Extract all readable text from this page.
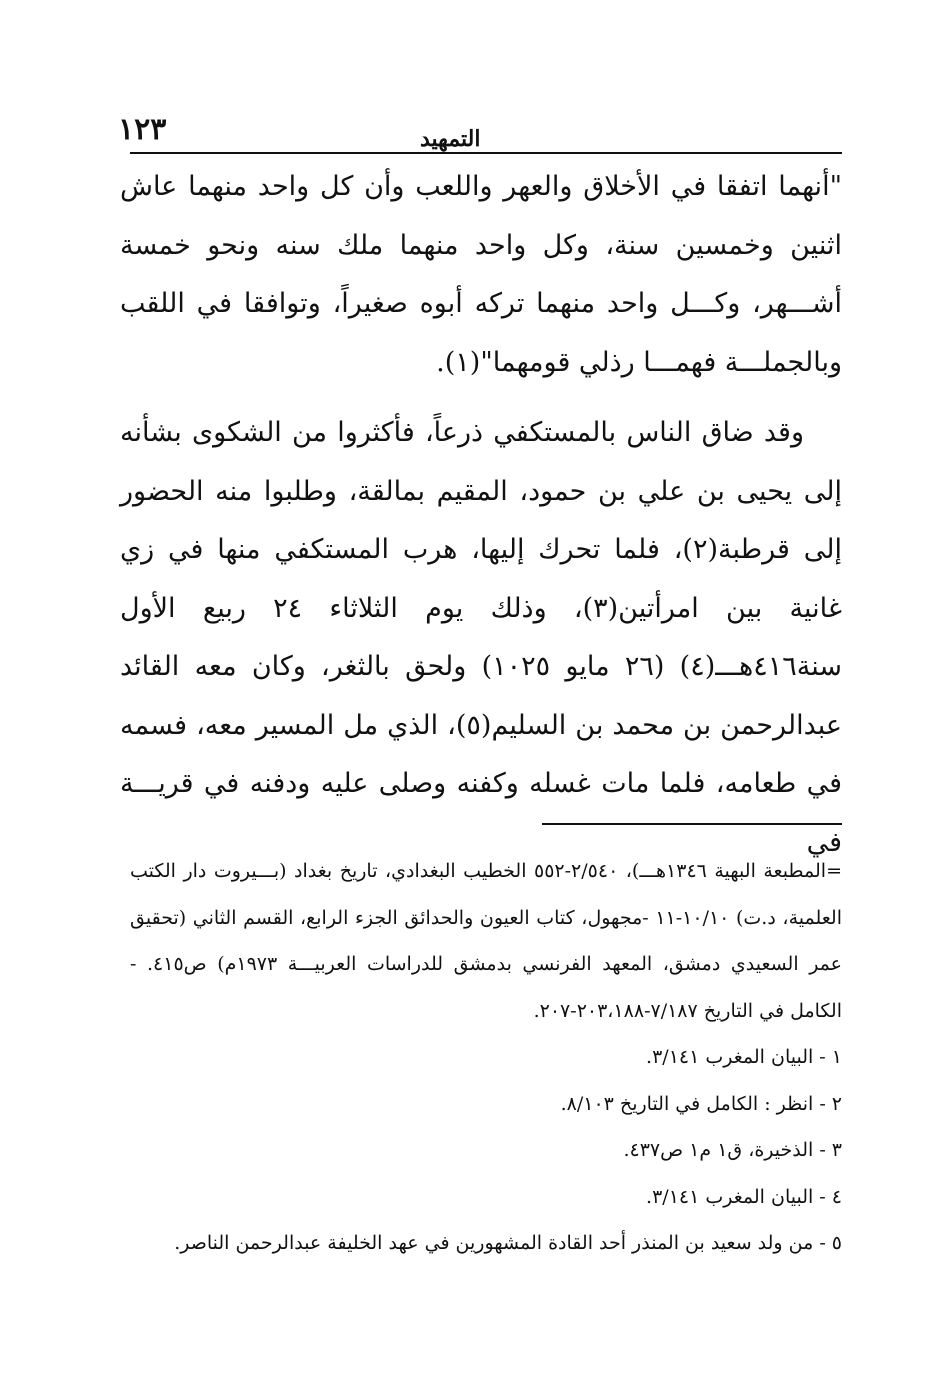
١٢٣	التمهيد

"أنهما اتفقا في الأخلاق والعهر واللعب وأن كل واحد منهما عاش اثنين وخمسين سنة، وكل واحد منهما ملك سنه ونحو خمسة أشـــهر، وكـــل واحد منهما تركه أبوه صغيراً، وتوافقا في اللقب وبالجملـــة فهمـــا رذلي قومهما"(١).

وقد ضاق الناس بالمستكفي ذرعاً، فأكثروا من الشكوى بشأنه إلى يحيى بن علي بن حمود، المقيم بمالقة، وطلبوا منه الحضور إلى قرطبة(٢)، فلما تحرك إليها، هرب المستكفي منها في زي غانية بين امرأتين(٣)، وذلك يوم الثلاثاء ٢٤ ربيع الأول سنة٤١٦هـــ(٤) (٢٦ مايو ١٠٢٥) ولحق بالثغر، وكان معه القائد عبدالرحمن بن محمد بن السليم(٥)، الذي مل المسير معه، فسمه في طعامه، فلما مات غسله وكفنه وصلى عليه ودفنه في قريـــة في

=المطبعة البهية ١٣٤٦هـــ)، ٢/٥٤٠-٥٥٢ الخطيب البغدادي، تاريخ بغداد (بـــيروت دار الكتب العلمية، د.ت) ١٠/١٠-١١ -مجهول، كتاب العيون والحدائق الجزء الرابع، القسم الثاني (تحقيق عمر السعيدي دمشق، المعهد الفرنسي بدمشق للدراسات العربيـــة ١٩٧٣م) ص٤١٥. - الكامل في التاريخ ٧/١٨٧-٢٠٣،١٨٨-٢٠٧.

١ - البيان المغرب ٣/١٤١.

٢ - انظر : الكامل في التاريخ ٨/١٠٣.

٣ - الذخيرة، ق١ م١ ص٤٣٧.

٤ - البيان المغرب ٣/١٤١.

٥ - من ولد سعيد بن المنذر أحد القادة المشهورين في عهد الخليفة عبدالرحمن الناصر.
